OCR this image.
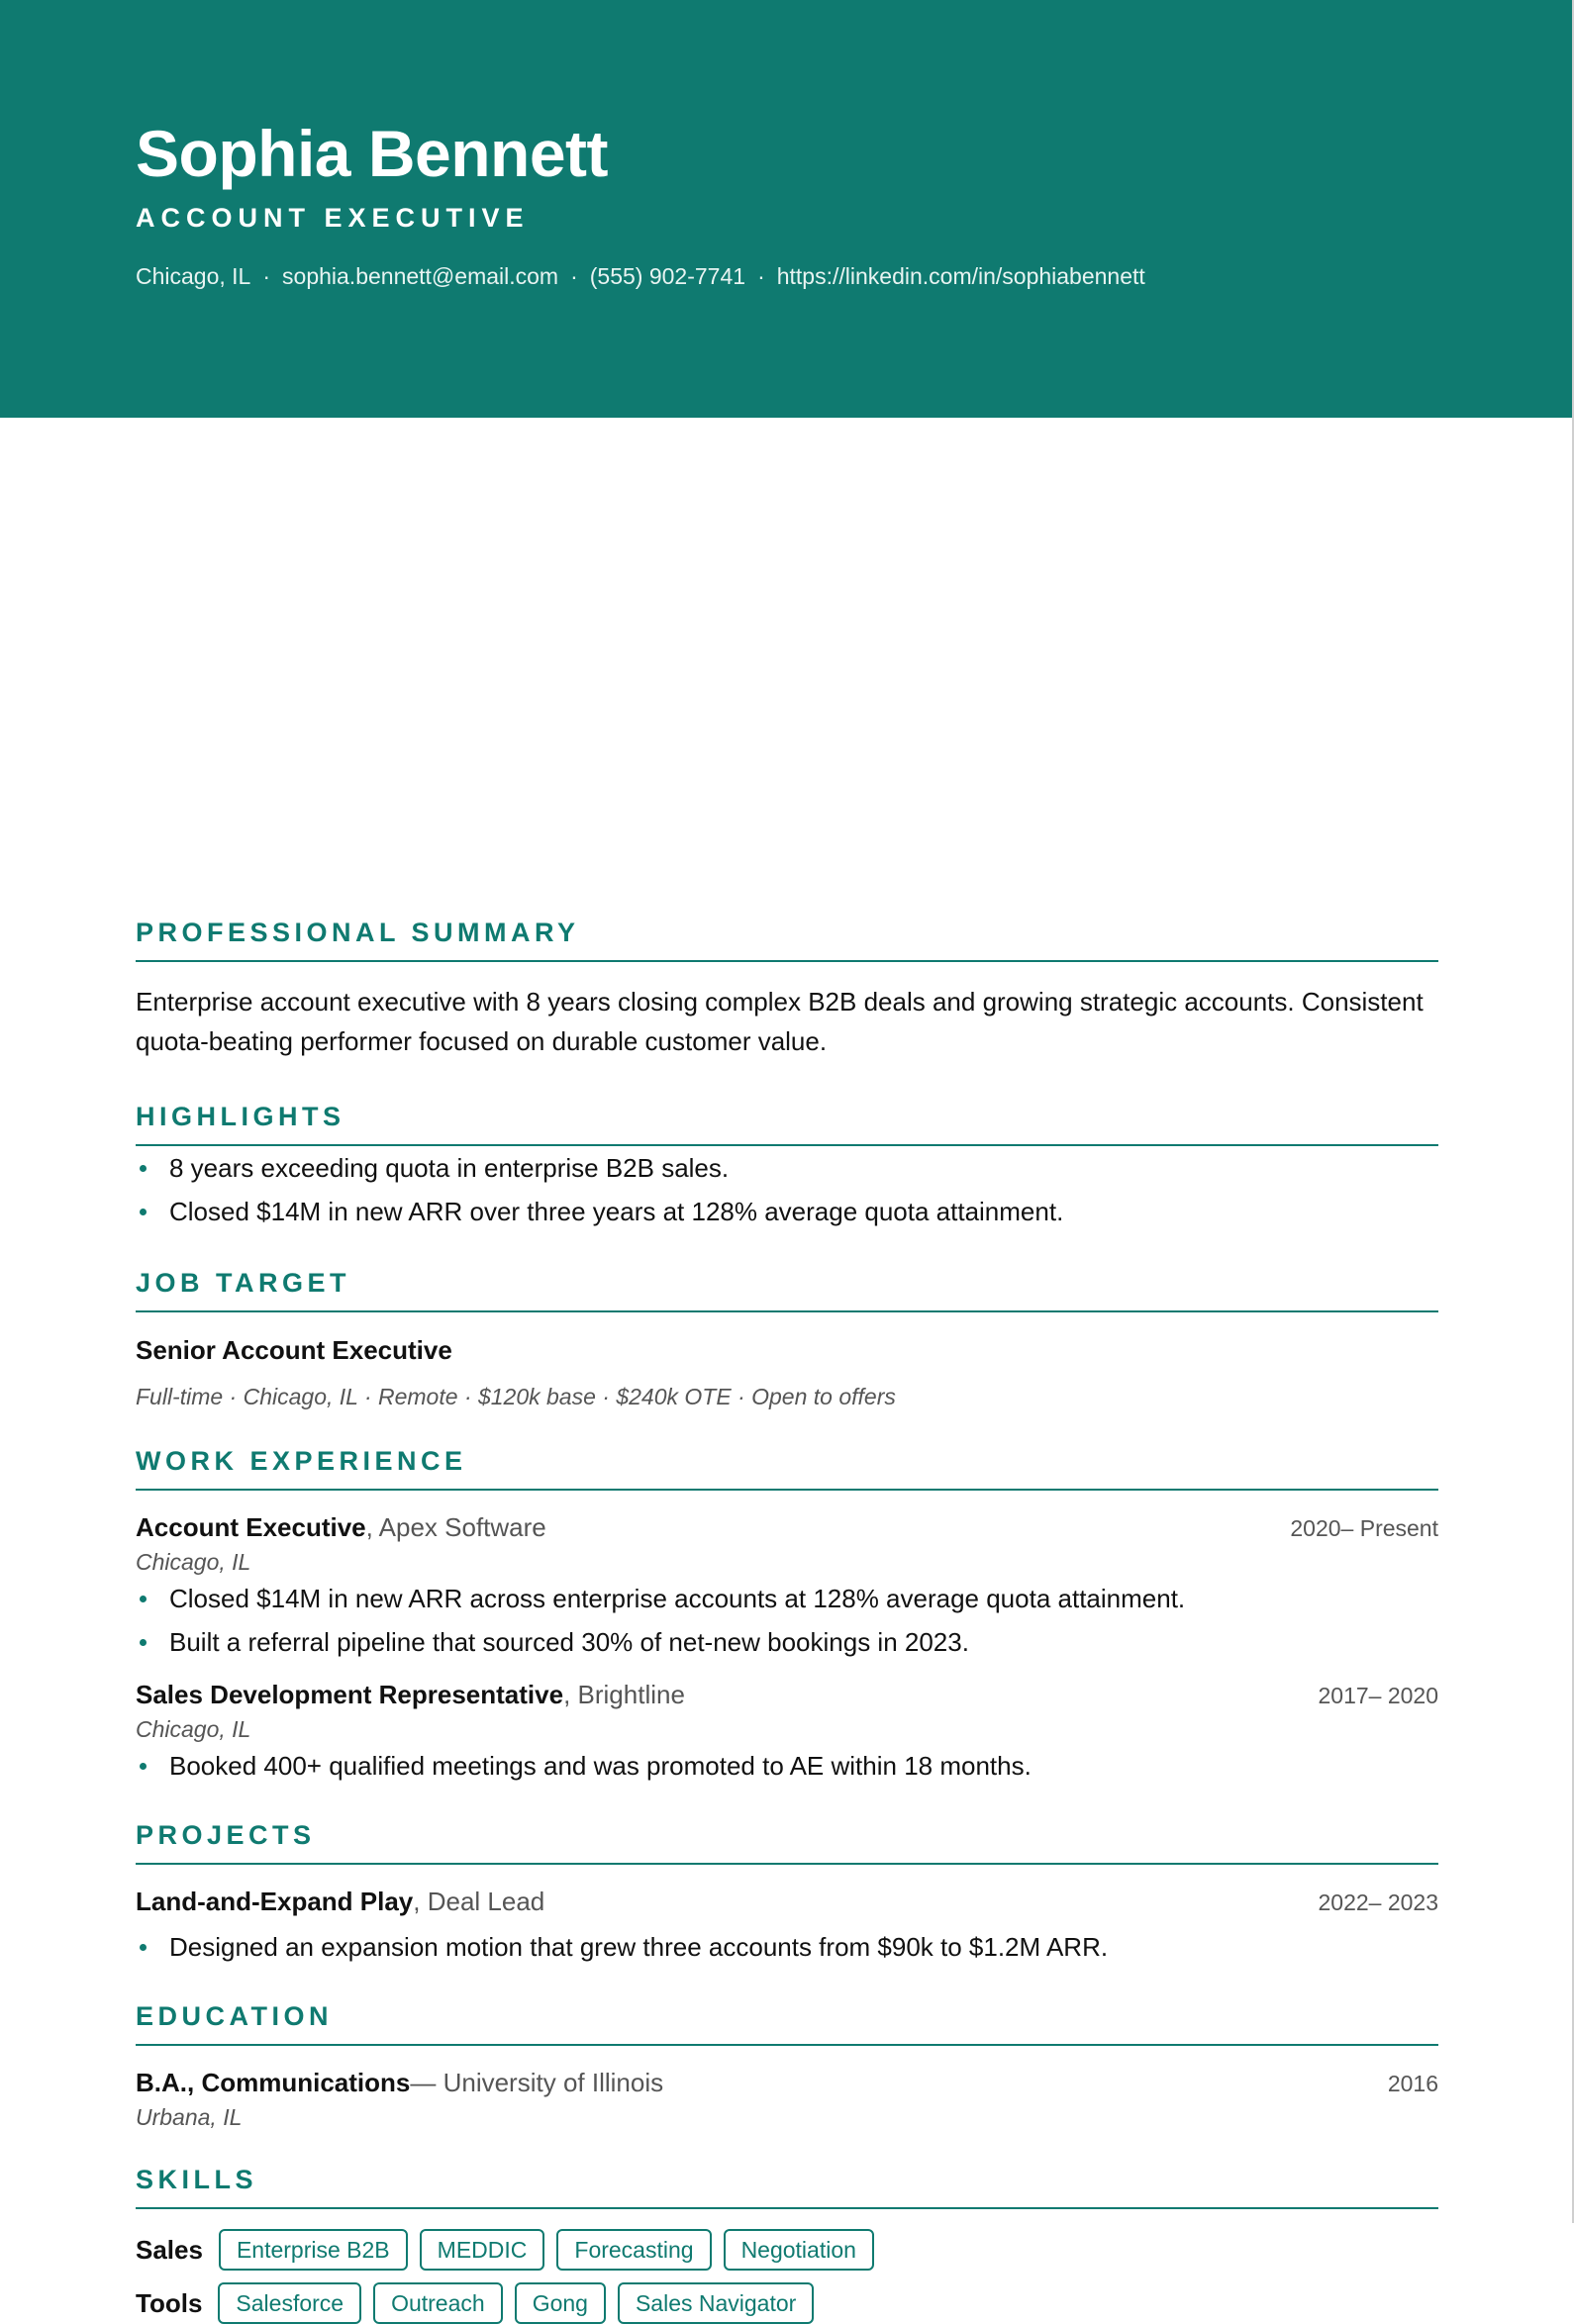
Sophia Bennett
ACCOUNT EXECUTIVE
Chicago, IL · sophia.bennett@email.com · (555) 902-7741 · https://linkedin.com/in/sophiabennett
PROFESSIONAL SUMMARY
Enterprise account executive with 8 years closing complex B2B deals and growing strategic accounts. Consistent quota-beating performer focused on durable customer value.
HIGHLIGHTS
8 years exceeding quota in enterprise B2B sales.
Closed $14M in new ARR over three years at 128% average quota attainment.
JOB TARGET
Senior Account Executive
Full-time · Chicago, IL · Remote · $120k base · $240k OTE · Open to offers
WORK EXPERIENCE
Account Executive, Apex Software	2020– Present
Chicago, IL
Closed $14M in new ARR across enterprise accounts at 128% average quota attainment.
Built a referral pipeline that sourced 30% of net-new bookings in 2023.
Sales Development Representative, Brightline	2017– 2020
Chicago, IL
Booked 400+ qualified meetings and was promoted to AE within 18 months.
PROJECTS
Land-and-Expand Play, Deal Lead	2022– 2023
Designed an expansion motion that grew three accounts from $90k to $1.2M ARR.
EDUCATION
B.A., Communications— University of Illinois	2016
Urbana, IL
SKILLS
Sales	Enterprise B2B	MEDDIC	Forecasting	Negotiation
Tools	Salesforce	Outreach	Gong	Sales Navigator
